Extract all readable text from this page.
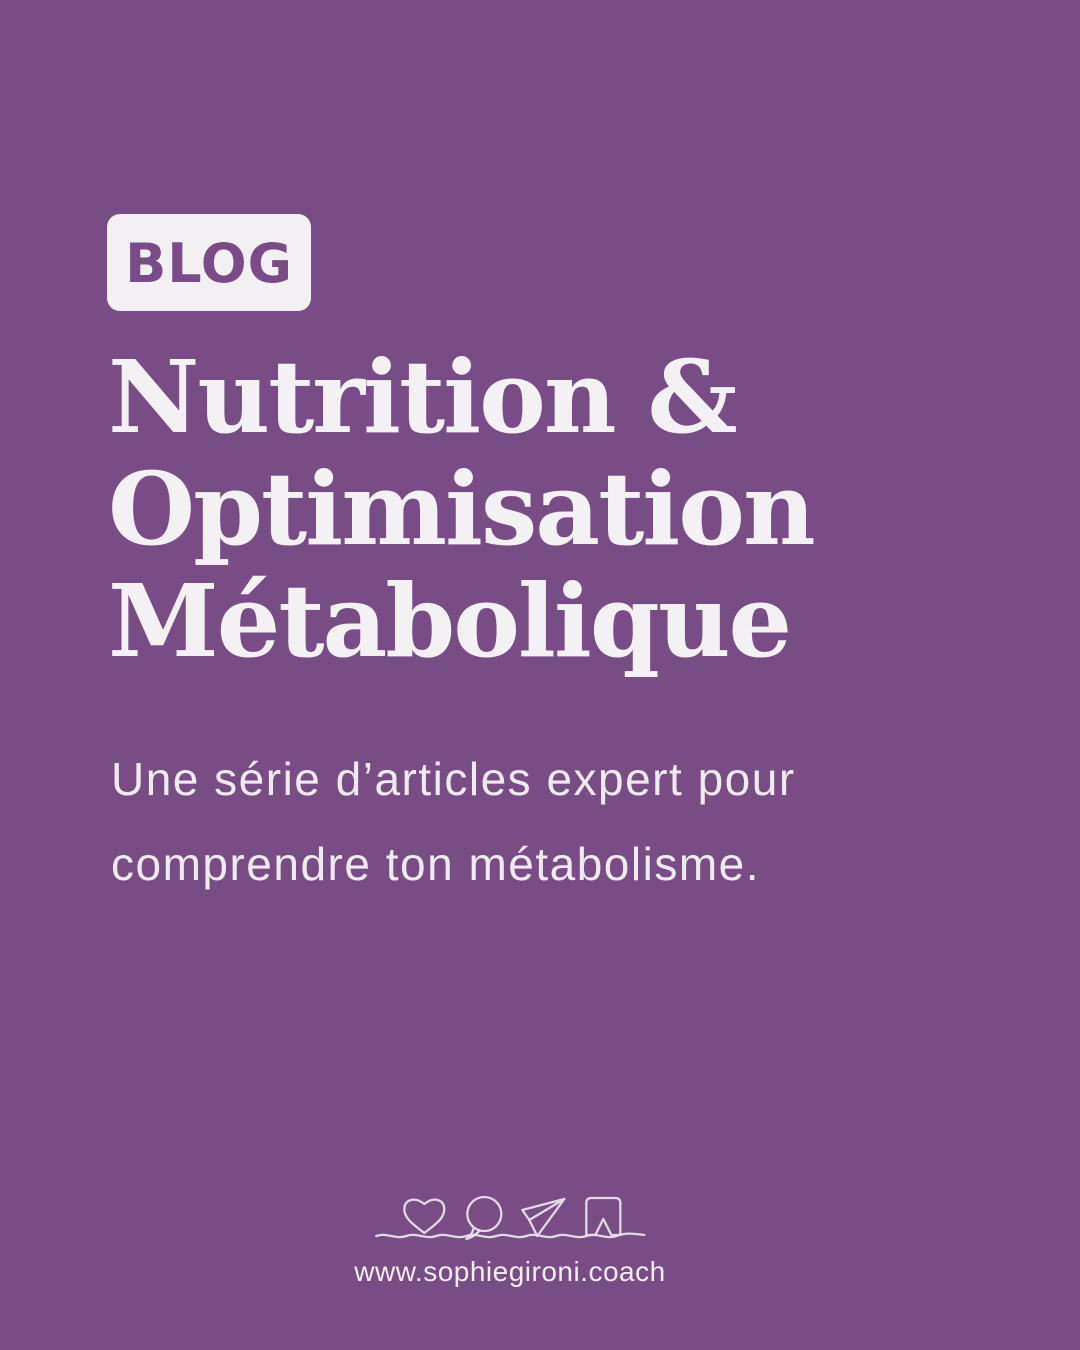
BLOG
Nutrition &
Optimisation
Métabolique

Une série d’articles expert pour
comprendre ton métabolisme.

www.sophiegironi.coach
